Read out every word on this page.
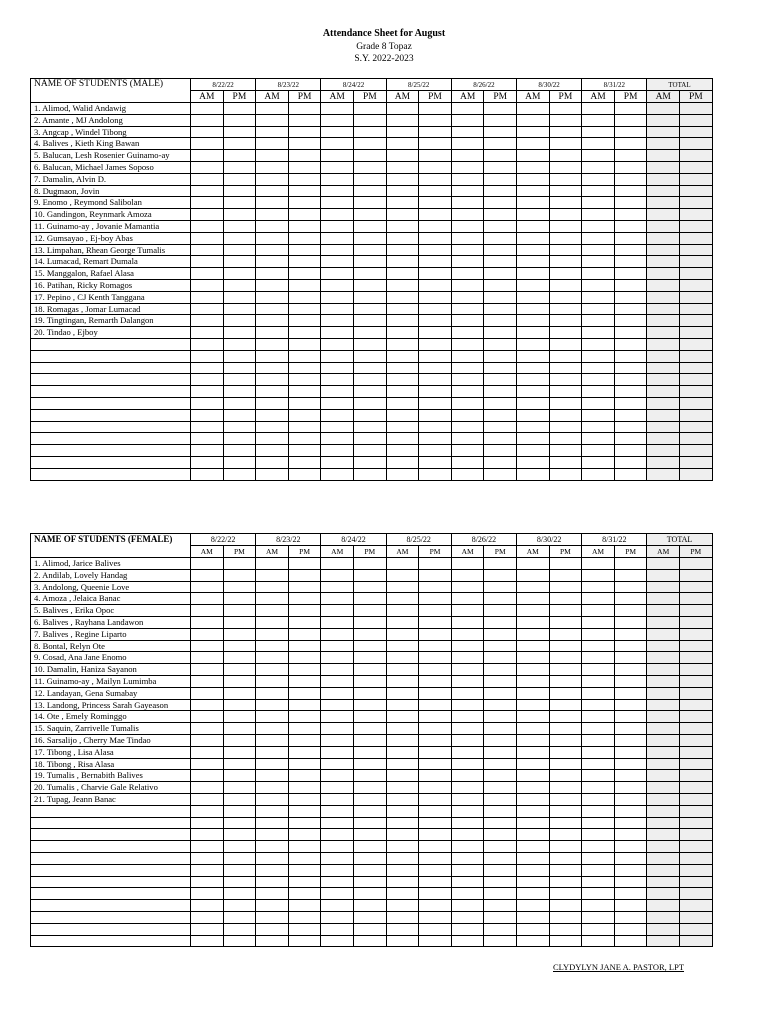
Attendance Sheet for August
Grade 8 Topaz
S.Y. 2022-2023
NAME OF STUDENTS (MALE)	8/22/22		8/23/22		8/24/22		8/25/22		8/26/22		8/30/22		8/31/22		TOTAL	
	AM	PM	AM	PM	AM	PM	AM	PM	AM	PM	AM	PM	AM	PM	AM	PM
1. Alimod, Walid Andawig																
2. Amante , MJ Andolong																
3. Angcap , Windel Tibong																
4. Balives , Kieth King Bawan																
5. Balucan, Lesh Rosenier Guinamo-ay																
6. Balucan, Michael James Soposo																
7. Damalin, Alvin D.																
8. Dugmaon, Jovin																
9. Enomo , Reymond Salibolan																
10. Gandingon, Reynmark Amoza																
11. Guinamo-ay , Jovanie Mamantia																
12. Gumsayao , Ej-boy Abas																
13. Limpahan, Rhean George Tumalis																
14. Lumacad, Remart Dumala																
15. Manggalon, Rafael Alasa																
16. Patihan, Ricky Romagos																
17. Pepino , CJ Kenth Tanggana																
18. Romagas , Jomar Lumacad																
19. Tingtingan, Remarth Dalangon																
20. Tindao , Ejboy																

NAME OF STUDENTS (FEMALE)	8/22/22		8/23/22		8/24/22		8/25/22		8/26/22		8/30/22		8/31/22		TOTAL	
	AM	PM	AM	PM	AM	PM	AM	PM	AM	PM	AM	PM	AM	PM	AM	PM
1. Alimod, Jarice Balives																
2. Andilab, Lovely Handag																
3. Andolong, Queenie Love																
4. Amoza , Jelaica Banac																
5. Balives , Erika Opoc																
6. Balives , Rayhana Landawon																
7. Balives , Regine Liparto																
8. Bontal, Relyn Ote																
9. Cosad, Ana Jane Enomo																
10. Damalin, Haniza Sayanon																
11. Guinamo-ay , Mailyn Lumimba																
12. Landayan, Gena Sumabay																
13. Landong, Princess Sarah Gayeason																
14. Ote , Emely Rominggo																
15. Saquin, Zarrivelle Tumalis																
16. Sarsalijo , Cherry Mae Tindao																
17. Tibong , Lisa Alasa																
18. Tibong , Risa Alasa																
19. Tumalis , Bernabith Balives																
20. Tumalis , Charvie Gale Relativo																
21. Tupag, Jeann Banac																

CLYDYLYN JANE A. PASTOR, LPT
